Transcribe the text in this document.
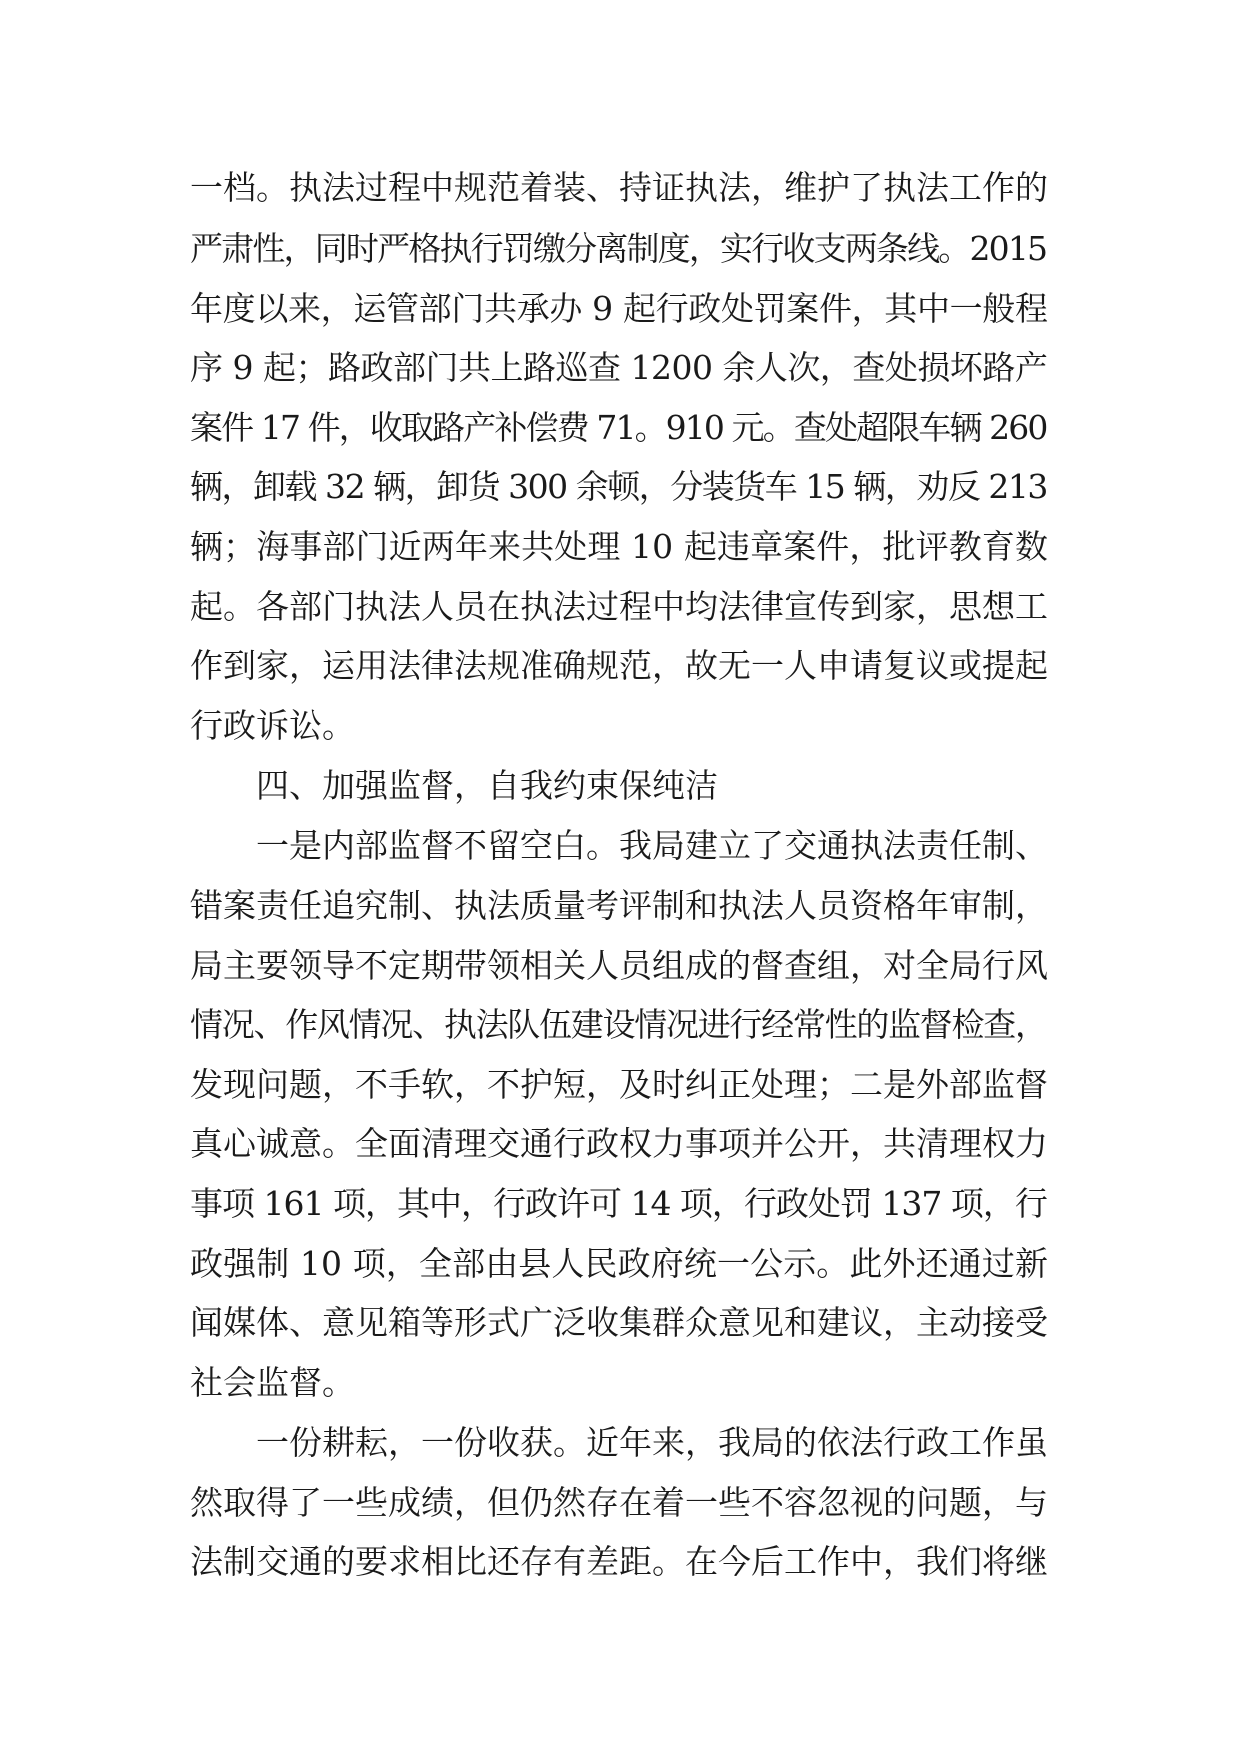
一档。执法过程中规范着装、持证执法，维护了执法工作的
严肃性，同时严格执行罚缴分离制度，实行收支两条线。2015
年度以来，运管部门共承办 9 起行政处罚案件，其中一般程
序 9 起；路政部门共上路巡查 1200 余人次，查处损坏路产
案件 17 件，收取路产补偿费 71。910 元。查处超限车辆 260
辆，卸载 32 辆，卸货 300 余顿，分装货车 15 辆，劝反 213
辆；海事部门近两年来共处理 10 起违章案件，批评教育数
起。各部门执法人员在执法过程中均法律宣传到家，思想工
作到家，运用法律法规准确规范，故无一人申请复议或提起
行政诉讼。
四、加强监督，自我约束保纯洁
一是内部监督不留空白。我局建立了交通执法责任制、
错案责任追究制、执法质量考评制和执法人员资格年审制，
局主要领导不定期带领相关人员组成的督查组，对全局行风
情况、作风情况、执法队伍建设情况进行经常性的监督检查，
发现问题，不手软，不护短，及时纠正处理；二是外部监督
真心诚意。全面清理交通行政权力事项并公开，共清理权力
事项 161 项，其中，行政许可 14 项，行政处罚 137 项，行
政强制 10 项，全部由县人民政府统一公示。此外还通过新
闻媒体、意见箱等形式广泛收集群众意见和建议，主动接受
社会监督。
一份耕耘，一份收获。近年来，我局的依法行政工作虽
然取得了一些成绩，但仍然存在着一些不容忽视的问题，与
法制交通的要求相比还存有差距。在今后工作中，我们将继
